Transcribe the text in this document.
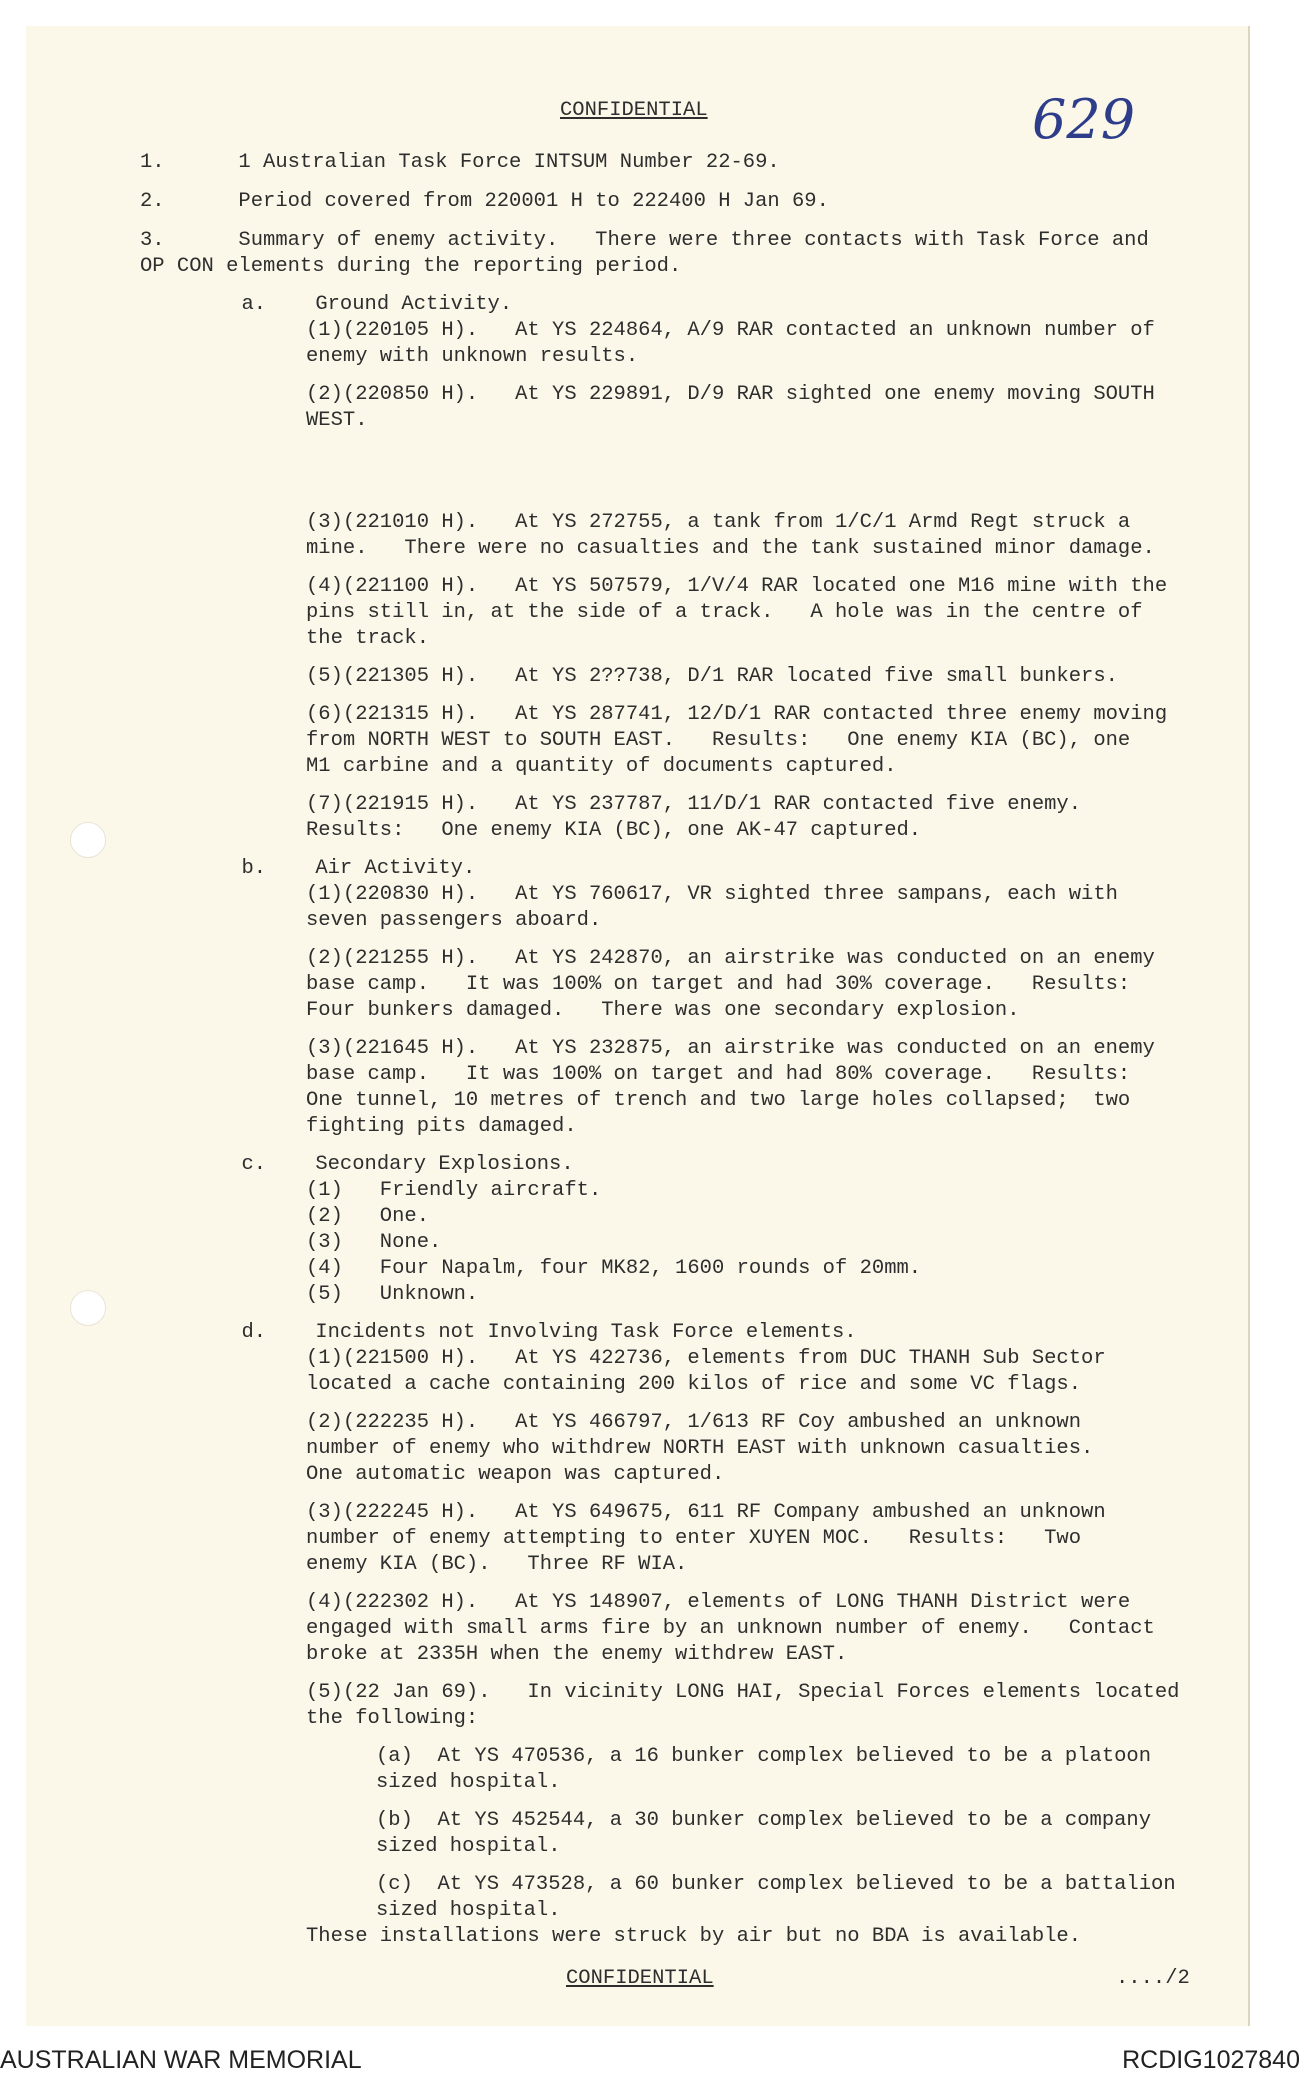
CONFIDENTIAL	629
1.      1 Australian Task Force INTSUM Number 22-69.
2.      Period covered from 220001 H to 222400 H Jan 69.
3.      Summary of enemy activity.   There were three contacts with Task Force and
OP CON elements during the reporting period.
a.    Ground Activity.
(1)(220105 H).   At YS 224864, A/9 RAR contacted an unknown number of
enemy with unknown results.
(2)(220850 H).   At YS 229891, D/9 RAR sighted one enemy moving SOUTH
WEST.
(3)(221010 H).   At YS 272755, a tank from 1/C/1 Armd Regt struck a
mine.   There were no casualties and the tank sustained minor damage.
(4)(221100 H).   At YS 507579, 1/V/4 RAR located one M16 mine with the
pins still in, at the side of a track.   A hole was in the centre of
the track.
(5)(221305 H).   At YS 2??738, D/1 RAR located five small bunkers.
(6)(221315 H).   At YS 287741, 12/D/1 RAR contacted three enemy moving
from NORTH WEST to SOUTH EAST.   Results:   One enemy KIA (BC), one
M1 carbine and a quantity of documents captured.
(7)(221915 H).   At YS 237787, 11/D/1 RAR contacted five enemy.
Results:   One enemy KIA (BC), one AK-47 captured.
b.    Air Activity.
(1)(220830 H).   At YS 760617, VR sighted three sampans, each with
seven passengers aboard.
(2)(221255 H).   At YS 242870, an airstrike was conducted on an enemy
base camp.   It was 100% on target and had 30% coverage.   Results:
Four bunkers damaged.   There was one secondary explosion.
(3)(221645 H).   At YS 232875, an airstrike was conducted on an enemy
base camp.   It was 100% on target and had 80% coverage.   Results:
One tunnel, 10 metres of trench and two large holes collapsed;  two
fighting pits damaged.
c.    Secondary Explosions.
(1)   Friendly aircraft.
(2)   One.
(3)   None.
(4)   Four Napalm, four MK82, 1600 rounds of 20mm.
(5)   Unknown.
d.    Incidents not Involving Task Force elements.
(1)(221500 H).   At YS 422736, elements from DUC THANH Sub Sector
located a cache containing 200 kilos of rice and some VC flags.
(2)(222235 H).   At YS 466797, 1/613 RF Coy ambushed an unknown
number of enemy who withdrew NORTH EAST with unknown casualties.
One automatic weapon was captured.
(3)(222245 H).   At YS 649675, 611 RF Company ambushed an unknown
number of enemy attempting to enter XUYEN MOC.   Results:   Two
enemy KIA (BC).   Three RF WIA.
(4)(222302 H).   At YS 148907, elements of LONG THANH District were
engaged with small arms fire by an unknown number of enemy.   Contact
broke at 2335H when the enemy withdrew EAST.
(5)(22 Jan 69).   In vicinity LONG HAI, Special Forces elements located
the following:
(a)  At YS 470536, a 16 bunker complex believed to be a platoon
sized hospital.
(b)  At YS 452544, a 30 bunker complex believed to be a company
sized hospital.
(c)  At YS 473528, a 60 bunker complex believed to be a battalion
sized hospital.
These installations were struck by air but no BDA is available.
CONFIDENTIAL	..../2
AUSTRALIAN WAR MEMORIAL	RCDIG1027840
